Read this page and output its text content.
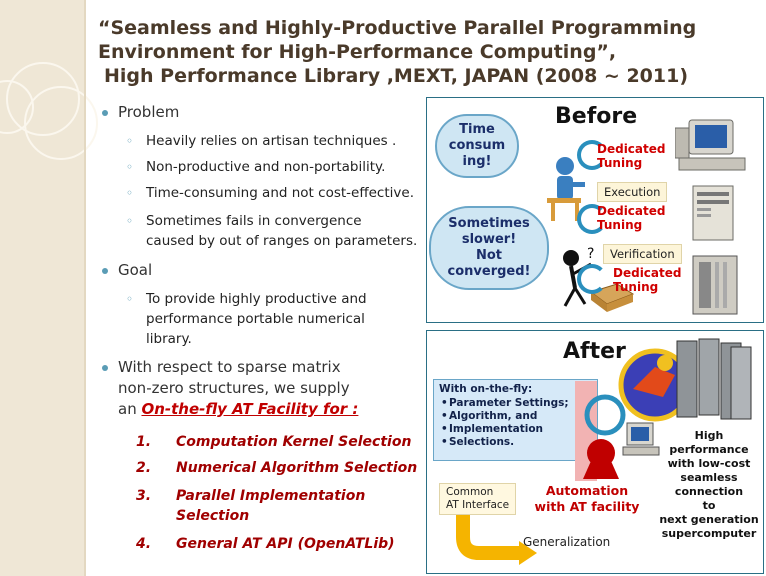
“Seamless and Highly-Productive Parallel Programming
Environment for High-Performance Computing”,
High Performance Library ,MEXT, JAPAN (2008 ~ 2011)
Problem
◦ Heavily relies on artisan techniques .
◦ Non-productive and non-portability.
◦ Time-consuming and not cost-effective.
◦ Sometimes fails in convergence
caused by out of ranges on parameters.
Goal
◦ To provide highly productive and
performance portable numerical
library.
With respect to sparse matrix
non-zero structures, we supply
an On-the-fly AT Facility for :
1.	Computation Kernel Selection
2.	Numerical Algorithm Selection
3.	Parallel Implementation
Selection
4.	General AT API (OpenATLib)
Before
Time
consum
ing!
Sometimes
slower!
Not
converged!
?
Dedicated
Tuning
Dedicated
Tuning
Dedicated
Tuning
Execution
Verification
After
With on-the-fly:
• Parameter Settings;
• Algorithm, and
• Implementation
• Selections.	High
performance
with low-cost
seamless
connection
to
next generation
supercomputer
Automation
with AT facility
Common
AT Interface
Generalization
